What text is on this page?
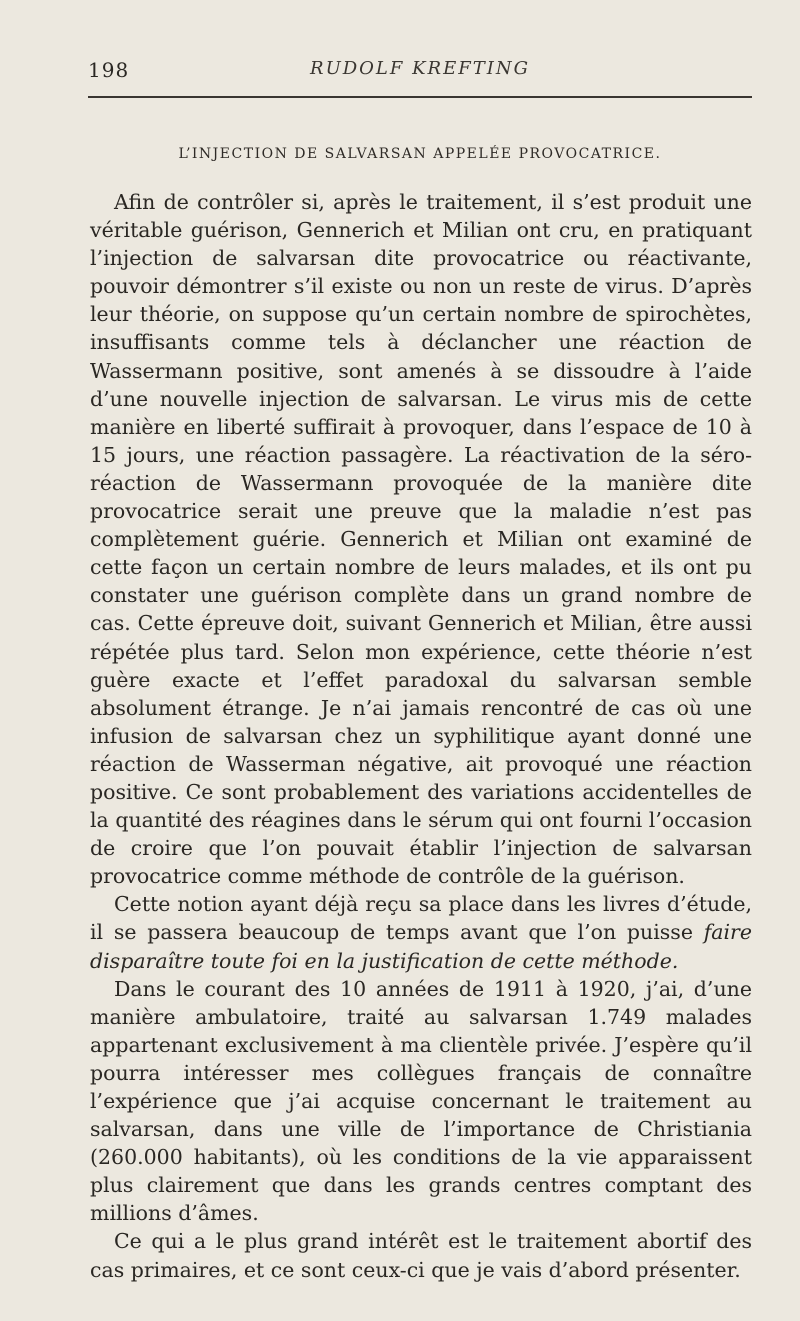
198	RUDOLF KREFTING
L’INJECTION DE SALVARSAN APPELÉE PROVOCATRICE.

Afin de contrôler si, après le traitement, il s’est produit une véritable guérison, Gennerich et Milian ont cru, en pratiquant l’injection de salvarsan dite provocatrice ou réactivante, pouvoir démontrer s’il existe ou non un reste de virus. D’après leur théorie, on suppose qu’un certain nombre de spirochètes, insuffisants comme tels à déclancher une réaction de Wassermann positive, sont amenés à se dissoudre à l’aide d’une nouvelle injection de salvarsan. Le virus mis de cette manière en liberté suffirait à provoquer, dans l’espace de 10 à 15 jours, une réaction passagère. La réactivation de la séro-réaction de Wassermann provoquée de la manière dite provocatrice serait une preuve que la maladie n’est pas complètement guérie. Gennerich et Milian ont examiné de cette façon un certain nombre de leurs malades, et ils ont pu constater une guérison complète dans un grand nombre de cas. Cette épreuve doit, suivant Gennerich et Milian, être aussi répétée plus tard. Selon mon expérience, cette théorie n’est guère exacte et l’effet paradoxal du salvarsan semble absolument étrange. Je n’ai jamais rencontré de cas où une infusion de salvarsan chez un syphilitique ayant donné une réaction de Wasserman négative, ait provoqué une réaction positive. Ce sont probablement des variations accidentelles de la quantité des réagines dans le sérum qui ont fourni l’occasion de croire que l’on pouvait établir l’injection de salvarsan provocatrice comme méthode de contrôle de la guérison.

Cette notion ayant déjà reçu sa place dans les livres d’étude, il se passera beaucoup de temps avant que l’on puisse faire disparaître toute foi en la justification de cette méthode.

Dans le courant des 10 années de 1911 à 1920, j’ai, d’une manière ambulatoire, traité au salvarsan 1.749 malades appartenant exclusivement à ma clientèle privée. J’espère qu’il pourra intéresser mes collègues français de connaître l’expérience que j’ai acquise concernant le traitement au salvarsan, dans une ville de l’importance de Christiania (260.000 habitants), où les conditions de la vie apparaissent plus clairement que dans les grands centres comptant des millions d’âmes.

Ce qui a le plus grand intérêt est le traitement abortif des cas primaires, et ce sont ceux-ci que je vais d’abord présenter.
